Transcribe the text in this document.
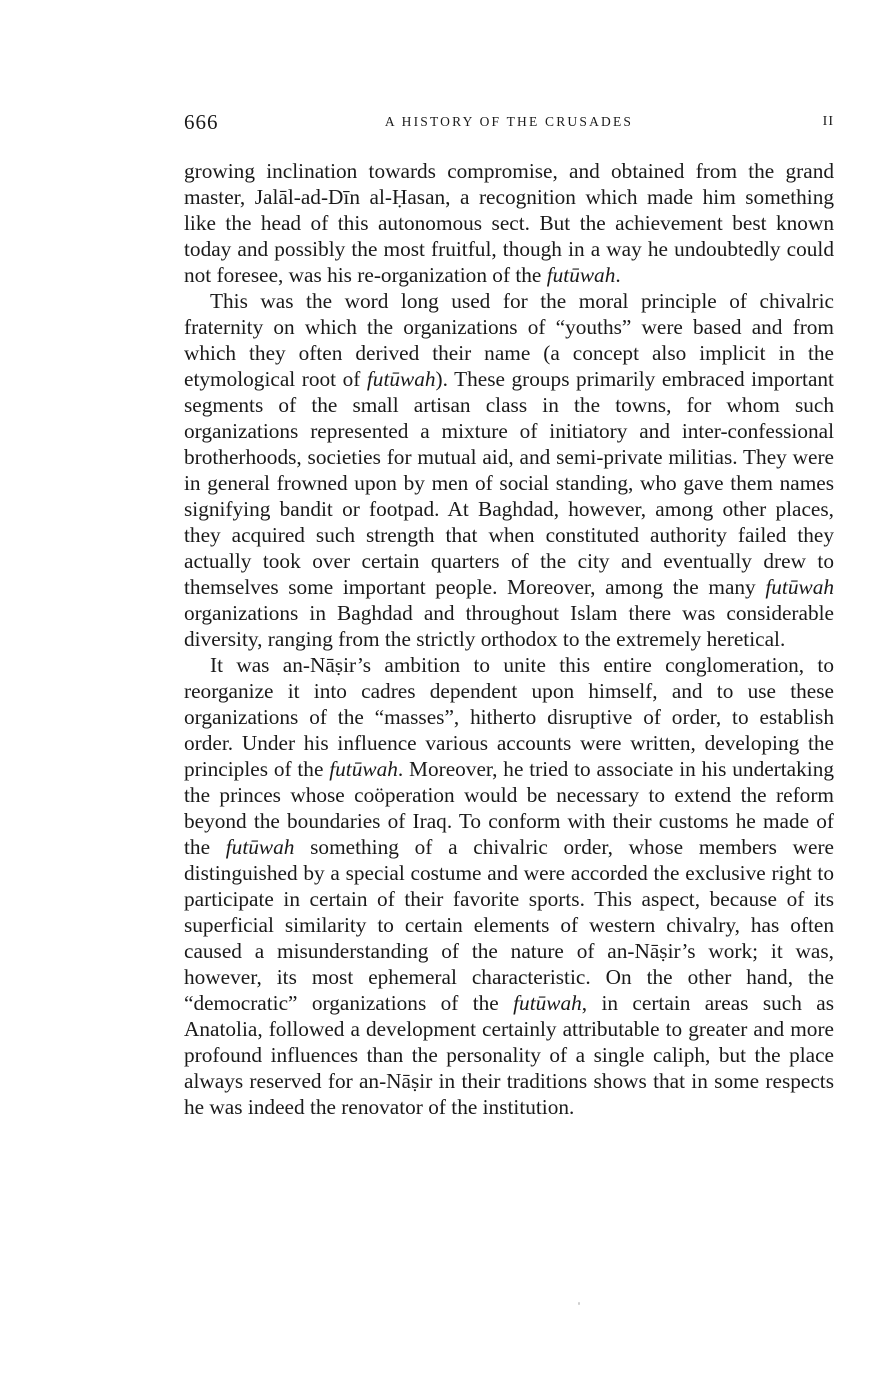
666	A HISTORY OF THE CRUSADES	II

growing inclination towards compromise, and obtained from the grand master, Jalāl-ad-Dīn al-Ḥasan, a recognition which made him something like the head of this autonomous sect. But the achievement best known today and possibly the most fruitful, though in a way he undoubtedly could not foresee, was his re-organization of the futūwah.

This was the word long used for the moral principle of chivalric fraternity on which the organizations of “youths” were based and from which they often derived their name (a concept also implicit in the etymological root of futūwah). These groups primarily embraced important segments of the small artisan class in the towns, for whom such organizations represented a mixture of initiatory and inter-confessional brotherhoods, societies for mutual aid, and semi-private militias. They were in general frowned upon by men of social standing, who gave them names signifying bandit or footpad. At Baghdad, however, among other places, they acquired such strength that when constituted authority failed they actually took over certain quarters of the city and eventually drew to themselves some important people. Moreover, among the many futūwah organizations in Baghdad and throughout Islam there was considerable diversity, ranging from the strictly orthodox to the extremely heretical.

It was an-Nāṣir’s ambition to unite this entire conglomeration, to reorganize it into cadres dependent upon himself, and to use these organizations of the “masses”, hitherto disruptive of order, to establish order. Under his influence various accounts were written, developing the principles of the futūwah. Moreover, he tried to associate in his undertaking the princes whose coöperation would be necessary to extend the reform beyond the boundaries of Iraq. To conform with their customs he made of the futūwah something of a chivalric order, whose members were distinguished by a special costume and were accorded the exclusive right to participate in certain of their favorite sports. This aspect, because of its superficial similarity to certain elements of western chivalry, has often caused a misunderstanding of the nature of an-Nāṣir’s work; it was, however, its most ephemeral characteristic. On the other hand, the “democratic” organizations of the futūwah, in certain areas such as Anatolia, followed a development certainly attributable to greater and more profound influences than the personality of a single caliph, but the place always reserved for an-Nāṣir in their traditions shows that in some respects he was indeed the renovator of the institution.
